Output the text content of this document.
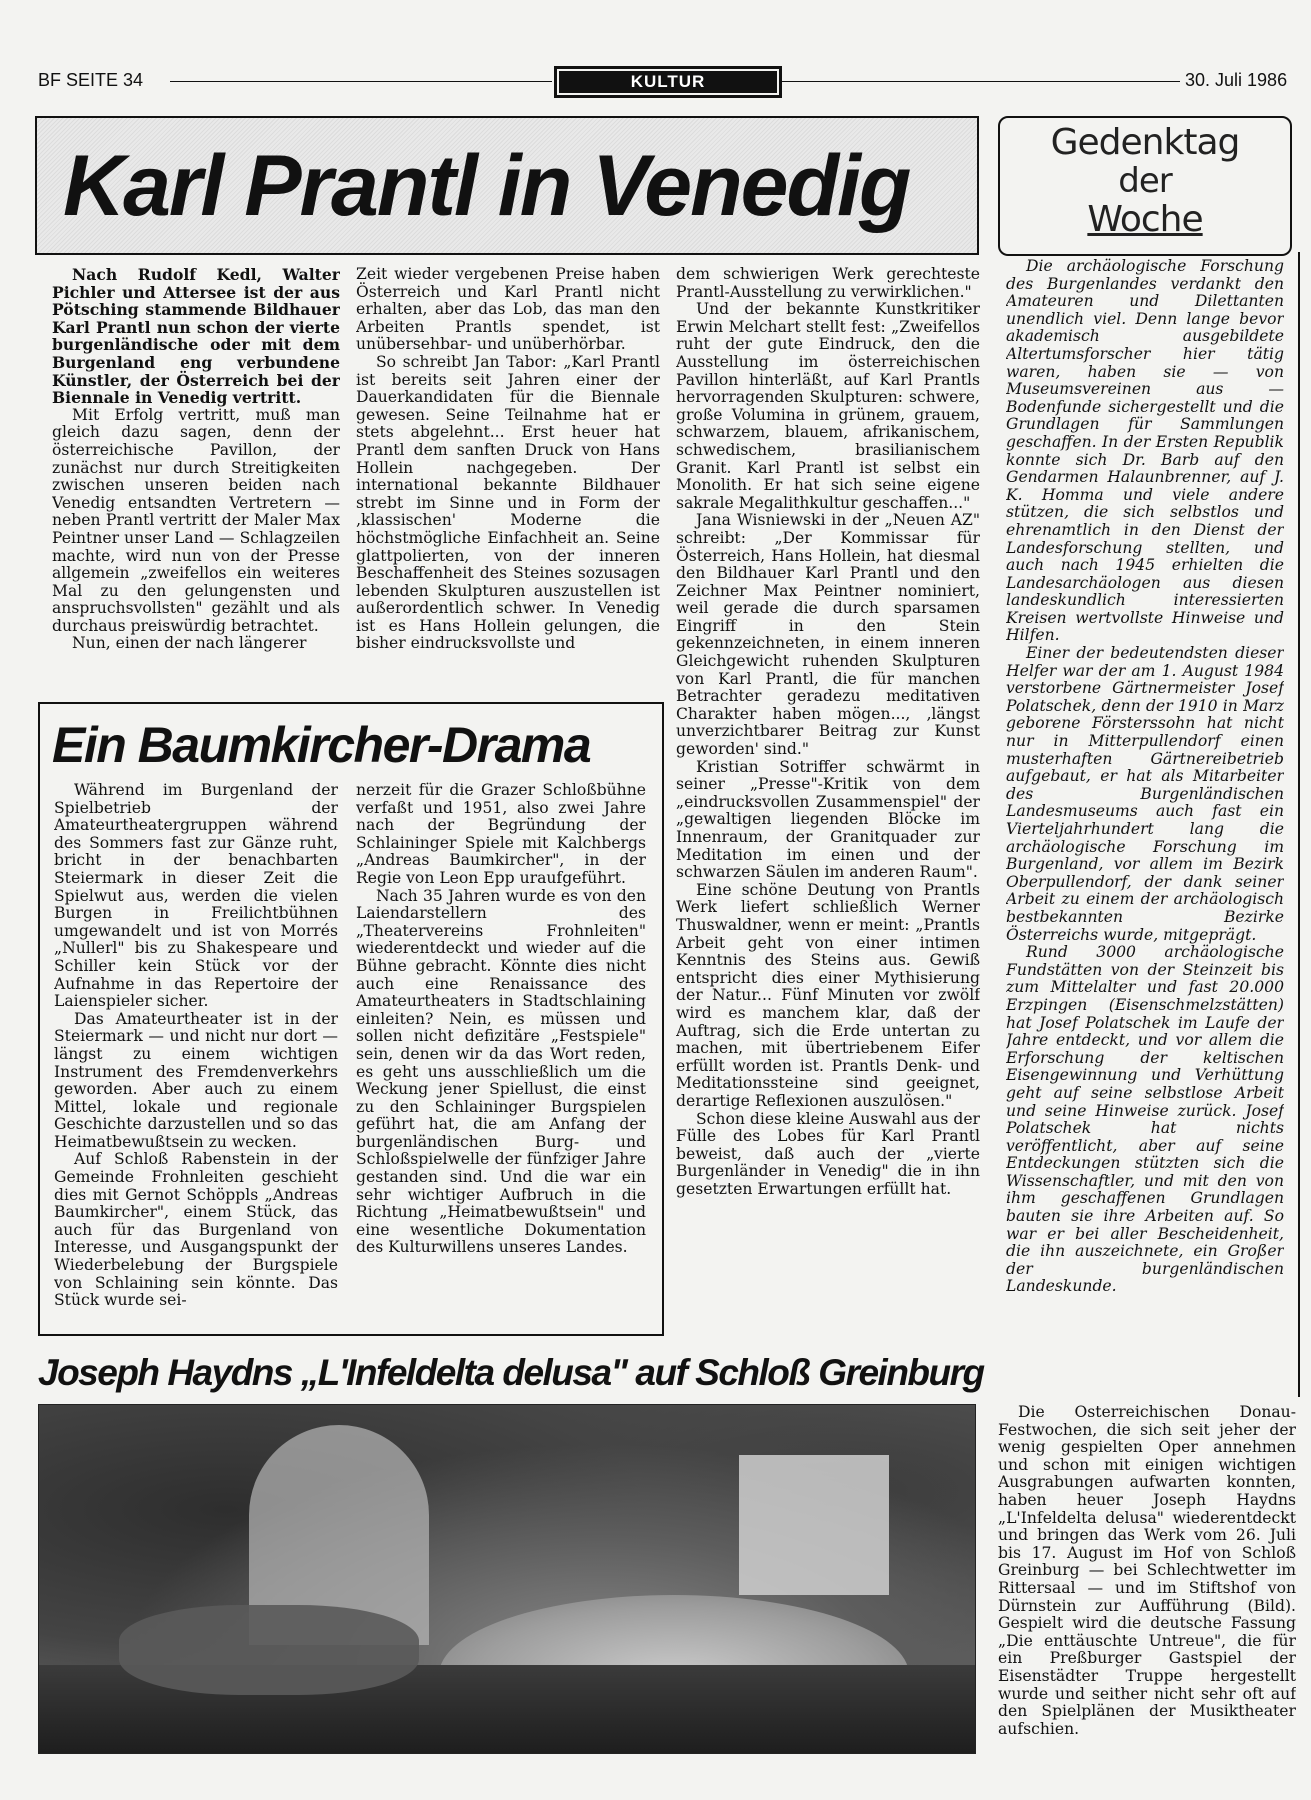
BF SEITE 34	KULTUR	30. Juli 1986
Karl Prantl in Venedig

Nach Rudolf Kedl, Walter Pichler und Attersee ist der aus Pötsching stammende Bildhauer Karl Prantl nun schon der vierte burgenländische oder mit dem Burgenland eng verbundene Künstler, der Österreich bei der Biennale in Venedig vertritt.

Mit Erfolg vertritt, muß man gleich dazu sagen, denn der österreichische Pavillon, der zunächst nur durch Streitigkeiten zwischen unseren beiden nach Venedig entsandten Vertretern — neben Prantl vertritt der Maler Max Peintner unser Land — Schlagzeilen machte, wird nun von der Presse allgemein „zweifellos ein weiteres Mal zu den gelungensten und anspruchsvollsten" gezählt und als durchaus preiswürdig betrachtet.

Nun, einen der nach längerer

Zeit wieder vergebenen Preise haben Österreich und Karl Prantl nicht erhalten, aber das Lob, das man den Arbeiten Prantls spendet, ist unübersehbar- und unüberhörbar.

So schreibt Jan Tabor: „Karl Prantl ist bereits seit Jahren einer der Dauerkandidaten für die Biennale gewesen. Seine Teilnahme hat er stets abgelehnt... Erst heuer hat Prantl dem sanften Druck von Hans Hollein nachgegeben. Der international bekannte Bildhauer strebt im Sinne und in Form der ‚klassischen' Moderne die höchstmögliche Einfachheit an. Seine glattpolierten, von der inneren Beschaffenheit des Steines sozusagen lebenden Skulpturen auszustellen ist außerordentlich schwer. In Venedig ist es Hans Hollein gelungen, die bisher eindrucksvollste und

dem schwierigen Werk gerechteste Prantl-Ausstellung zu verwirklichen."

Und der bekannte Kunstkritiker Erwin Melchart stellt fest: „Zweifellos ruht der gute Eindruck, den die Ausstellung im österreichischen Pavillon hinterläßt, auf Karl Prantls hervorragenden Skulpturen: schwere, große Volumina in grünem, grauem, schwarzem, blauem, afrikanischem, schwedischem, brasilianischem Granit. Karl Prantl ist selbst ein Monolith. Er hat sich seine eigene sakrale Megalithkultur geschaffen..."

Jana Wisniewski in der „Neuen AZ" schreibt: „Der Kommissar für Österreich, Hans Hollein, hat diesmal den Bildhauer Karl Prantl und den Zeichner Max Peintner nominiert, weil gerade die durch sparsamen Eingriff in den Stein gekennzeichneten, in einem inneren Gleichgewicht ruhenden Skulpturen von Karl Prantl, die für manchen Betrachter geradezu meditativen Charakter haben mögen..., ‚längst unverzichtbarer Beitrag zur Kunst geworden' sind."

Kristian Sotriffer schwärmt in seiner „Presse"-Kritik von dem „eindrucksvollen Zusammenspiel" der „gewaltigen liegenden Blöcke im Innenraum, der Granitquader zur Meditation im einen und der schwarzen Säulen im anderen Raum".

Eine schöne Deutung von Prantls Werk liefert schließlich Werner Thuswaldner, wenn er meint: „Prantls Arbeit geht von einer intimen Kenntnis des Steins aus. Gewiß entspricht dies einer Mythisierung der Natur... Fünf Minuten vor zwölf wird es manchem klar, daß der Auftrag, sich die Erde untertan zu machen, mit übertriebenem Eifer erfüllt worden ist. Prantls Denk- und Meditationssteine sind geeignet, derartige Reflexionen auszulösen."

Schon diese kleine Auswahl aus der Fülle des Lobes für Karl Prantl beweist, daß auch der „vierte Burgenländer in Venedig" die in ihn gesetzten Erwartungen erfüllt hat.

Ein Baumkircher-Drama

Während im Burgenland der Spielbetrieb der Amateurtheatergruppen während des Sommers fast zur Gänze ruht, bricht in der benachbarten Steiermark in dieser Zeit die Spielwut aus, werden die vielen Burgen in Freilichtbühnen umgewandelt und ist von Morrés „Nullerl" bis zu Shakespeare und Schiller kein Stück vor der Aufnahme in das Repertoire der Laienspieler sicher.

Das Amateurtheater ist in der Steiermark — und nicht nur dort — längst zu einem wichtigen Instrument des Fremdenverkehrs geworden. Aber auch zu einem Mittel, lokale und regionale Geschichte darzustellen und so das Heimatbewußtsein zu wecken.

Auf Schloß Rabenstein in der Gemeinde Frohnleiten geschieht dies mit Gernot Schöppls „Andreas Baumkircher", einem Stück, das auch für das Burgenland von Interesse, und Ausgangspunkt der Wiederbelebung der Burgspiele von Schlaining sein könnte. Das Stück wurde sei-

nerzeit für die Grazer Schloßbühne verfaßt und 1951, also zwei Jahre nach der Begründung der Schlaininger Spiele mit Kalchbergs „Andreas Baumkircher", in der Regie von Leon Epp uraufgeführt.

Nach 35 Jahren wurde es von den Laiendarstellern des „Theatervereins Frohnleiten" wiederentdeckt und wieder auf die Bühne gebracht. Könnte dies nicht auch eine Renaissance des Amateurtheaters in Stadtschlaining einleiten? Nein, es müssen und sollen nicht defizitäre „Festspiele" sein, denen wir da das Wort reden, es geht uns ausschließlich um die Weckung jener Spiellust, die einst zu den Schlaininger Burgspielen geführt hat, die am Anfang der burgenländischen Burg- und Schloßspielwelle der fünfziger Jahre gestanden sind. Und die war ein sehr wichtiger Aufbruch in die Richtung „Heimatbewußtsein" und eine wesentliche Dokumentation des Kulturwillens unseres Landes.

Gedenktag
der
Woche

Die archäologische Forschung des Burgenlandes verdankt den Amateuren und Dilettanten unendlich viel. Denn lange bevor akademisch ausgebildete Altertumsforscher hier tätig waren, haben sie — von Museumsvereinen aus — Bodenfunde sichergestellt und die Grundlagen für Sammlungen geschaffen. In der Ersten Republik konnte sich Dr. Barb auf den Gendarmen Halaunbrenner, auf J. K. Homma und viele andere stützen, die sich selbstlos und ehrenamtlich in den Dienst der Landesforschung stellten, und auch nach 1945 erhielten die Landesarchäologen aus diesen landeskundlich interessierten Kreisen wertvollste Hinweise und Hilfen.

Einer der bedeutendsten dieser Helfer war der am 1. August 1984 verstorbene Gärtnermeister Josef Polatschek, denn der 1910 in Marz geborene Försterssohn hat nicht nur in Mitterpullendorf einen musterhaften Gärtnereibetrieb aufgebaut, er hat als Mitarbeiter des Burgenländischen Landesmuseums auch fast ein Vierteljahrhundert lang die archäologische Forschung im Burgenland, vor allem im Bezirk Oberpullendorf, der dank seiner Arbeit zu einem der archäologisch bestbekannten Bezirke Österreichs wurde, mitgeprägt.

Rund 3000 archäologische Fundstätten von der Steinzeit bis zum Mittelalter und fast 20.000 Erzpingen (Eisenschmelzstätten) hat Josef Polatschek im Laufe der Jahre entdeckt, und vor allem die Erforschung der keltischen Eisengewinnung und Verhüttung geht auf seine selbstlose Arbeit und seine Hinweise zurück. Josef Polatschek hat nichts veröffentlicht, aber auf seine Entdeckungen stützten sich die Wissenschaftler, und mit den von ihm geschaffenen Grundlagen bauten sie ihre Arbeiten auf. So war er bei aller Bescheidenheit, die ihn auszeichnete, ein Großer der burgenländischen Landeskunde.

Joseph Haydns „L'Infeldelta delusa" auf Schloß Greinburg

Die Österreichischen Donau-Festwochen, die sich seit jeher der wenig gespielten Oper annehmen und schon mit einigen wichtigen Ausgrabungen aufwarten konnten, haben heuer Joseph Haydns „L'Infeldelta delusa" wiederentdeckt und bringen das Werk vom 26. Juli bis 17. August im Hof von Schloß Greinburg — bei Schlechtwetter im Rittersaal — und im Stiftshof von Dürnstein zur Aufführung (Bild). Gespielt wird die deutsche Fassung „Die enttäuschte Untreue", die für ein Preßburger Gastspiel der Eisenstädter Truppe hergestellt wurde und seither nicht sehr oft auf den Spielplänen der Musiktheater aufschien.
